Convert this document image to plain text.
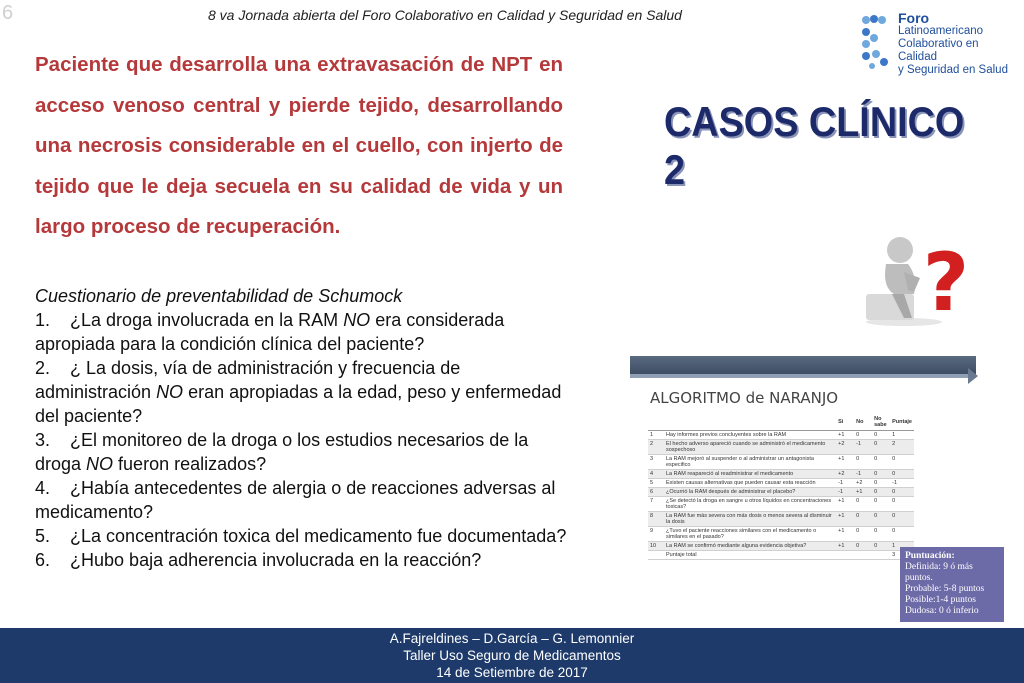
6	8 va Jornada abierta del Foro Colaborativo en Calidad y Seguridad en Salud	Foro
Latinoamericano
Colaborativo en Calidad
y Seguridad en Salud
Paciente que desarrolla una extravasación de NPT en acceso venoso central y pierde tejido, desarrollando una necrosis considerable en el cuello, con injerto de tejido que le deja secuela en su calidad de vida y un largo proceso de recuperación.
CASOS CLÍNICO 2
?

Cuestionario de preventabilidad de Schumock

1. ¿La droga involucrada en la RAM NO era considerada apropiada para la condición clínica del paciente?

2. ¿ La dosis, vía de administración y frecuencia de administración NO eran apropiadas a la edad, peso y enfermedad del paciente?

3. ¿El monitoreo de la droga o los estudios necesarios de la droga NO fueron realizados?

4. ¿Había antecedentes de alergia o de reacciones adversas al medicamento?

5. ¿La concentración toxica del medicamento fue documentada?

6. ¿Hubo baja adherencia involucrada en la reacción?

ALGORITMO de NARANJO
		Si	No	No sabe	Puntaje
1	Hay informes previos concluyentes sobre la RAM	+1	0	0	1
2	El hecho adverso apareció cuando se administró el medicamento sospechoso	+2	-1	0	2
3	La RAM mejoró al suspender o al administrar un antagonista especifico	+1	0	0	0
4	La RAM reapareció al readministrar el medicamento	+2	-1	0	0
5	Existen causas alternativas que pueden causar esta reacción	-1	+2	0	-1
6	¿Ocurrió la RAM después de administrar el placebo?	-1	+1	0	0
7	¿Se detectó la droga en sangre u otros líquidos en concentraciones toxicas?	+1	0	0	0
8	La RAM fue más severa con más dosis o menos severa al disminuir la dosis	+1	0	0	0
9	¿Tuvo el paciente reacciones similares con el medicamento o similares en el pasado?	+1	0	0	0
10	La RAM se confirmó mediante alguna evidencia objetiva?	+1	0	0	1
	Puntaje total				3 Puntuación:
Definida: 9 ó más puntos.
Probable: 5-8 puntos
Posible:1-4 puntos
Dudosa: 0 ó inferio
A.Fajreldines – D.García – G. Lemonnier
Taller Uso Seguro de Medicamentos
14 de Setiembre de 2017
